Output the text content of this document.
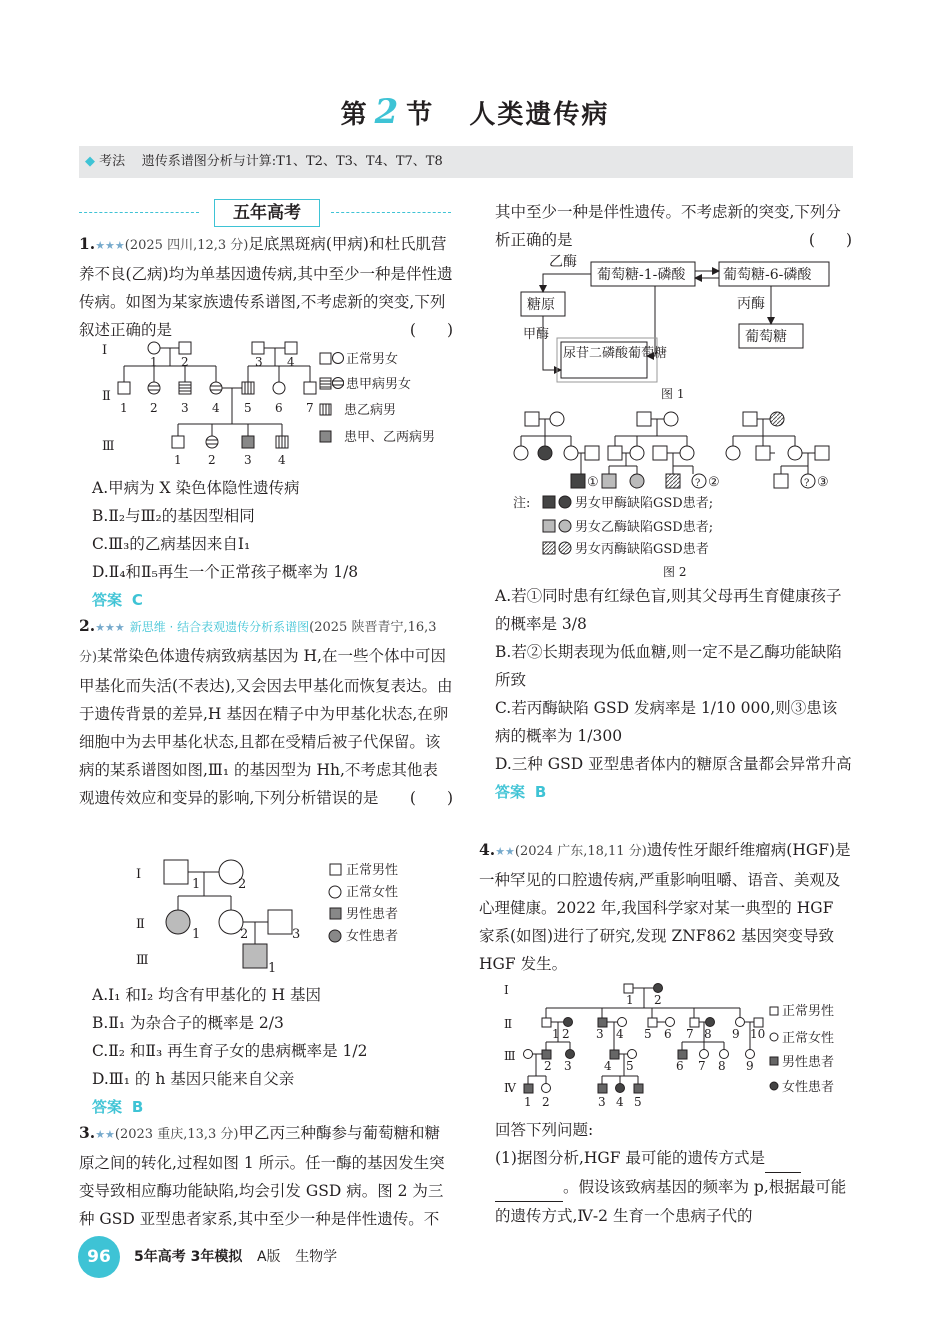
第 2 节 人类遗传病
◆ 考法 遗传系谱图分析与计算:T1、T2、T3、T4、T7、T8
五年高考

1.★★★(2025 四川,12,3 分)足底黑斑病(甲病)和杜氏肌营养不良(乙病)均为单基因遗传病,其中至少一种是伴性遗传病。如图为某家族遗传系谱图,不考虑新的突变,下列叙述正确的是	(　　)

Ⅰ
Ⅱ
Ⅲ
1 2	3 4
1 2 3 4 5 6 7
1 2 3 4
正常男女
患甲病男女
患乙病男
患甲、乙两病男

A.甲病为 X 染色体隐性遗传病

B.Ⅱ₂与Ⅲ₂的基因型相同

C.Ⅲ₃的乙病基因来自Ⅰ₁

D.Ⅱ₄和Ⅱ₅再生一个正常孩子概率为 1/8

答案 C

2.★★★ 新思维 · 结合表观遗传分析系谱图(2025 陕晋青宁,16,3 分)某常染色体遗传病致病基因为 H,在一些个体中可因甲基化而失活(不表达),又会因去甲基化而恢复表达。由于遗传背景的差异,H 基因在精子中为甲基化状态,在卵细胞中为去甲基化状态,且都在受精后被子代保留。该病的某系谱图如图,Ⅲ₁ 的基因型为 Hh,不考虑其他表观遗传效应和变异的影响,下列分析错误的是 (　　)

Ⅰ
Ⅱ
Ⅲ
1	2
1	2	3
1
正常男性
正常女性
男性患者
女性患者

A.Ⅰ₁ 和Ⅰ₂ 均含有甲基化的 H 基因

B.Ⅱ₁ 为杂合子的概率是 2/3

C.Ⅱ₂ 和Ⅱ₃ 再生育子女的患病概率是 1/2

D.Ⅲ₁ 的 h 基因只能来自父亲

答案 B

3.★★(2023 重庆,13,3 分)甲乙丙三种酶参与葡萄糖和糖原之间的转化,过程如图 1 所示。任一酶的基因发生突变导致相应酶功能缺陷,均会引发 GSD 病。图 2 为三种 GSD 亚型患者家系,其中至少一种是伴性遗传。不

其中至少一种是伴性遗传。不考虑新的突变,下列分析正确的是	(　　)

葡萄糖-1-磷酸	葡萄糖-6-磷酸
糖原
尿苷二磷酸葡萄糖
葡萄糖
乙酶
丙酶
甲酶
图 1
①	②	?
?	③
注:	男女甲酶缺陷GSD患者;
男女乙酶缺陷GSD患者;
男女丙酶缺陷GSD患者
图 2

A.若①同时患有红绿色盲,则其父母再生育健康孩子的概率是 3/8

B.若②长期表现为低血糖,则一定不是乙酶功能缺陷所致

C.若丙酶缺陷 GSD 发病率是 1/10 000,则③患该病的概率为 1/300

D.三种 GSD 亚型患者体内的糖原含量都会异常升高

答案 B

4.★★(2024 广东,18,11 分)遗传性牙龈纤维瘤病(HGF)是一种罕见的口腔遗传病,严重影响咀嚼、语音、美观及心理健康。2022 年,我国科学家对某一典型的 HGF 家系(如图)进行了研究,发现 ZNF862 基因突变导致 HGF 发生。

Ⅰ
Ⅱ
Ⅲ
Ⅳ
1 2
1 2 3 4 5 6 7 8 9 10
2 3	4 5	6 7 8 9
1 2	3 4 5
正常男性
正常女性
男性患者
女性患者

回答下列问题:

(1)据图分析,HGF 最可能的遗传方式是

。假设该致病基因的频率为 p,根据最可能的遗传方式,Ⅳ-2 生育一个患病子代的

96	5年高考 3年模拟 A版 生物学
